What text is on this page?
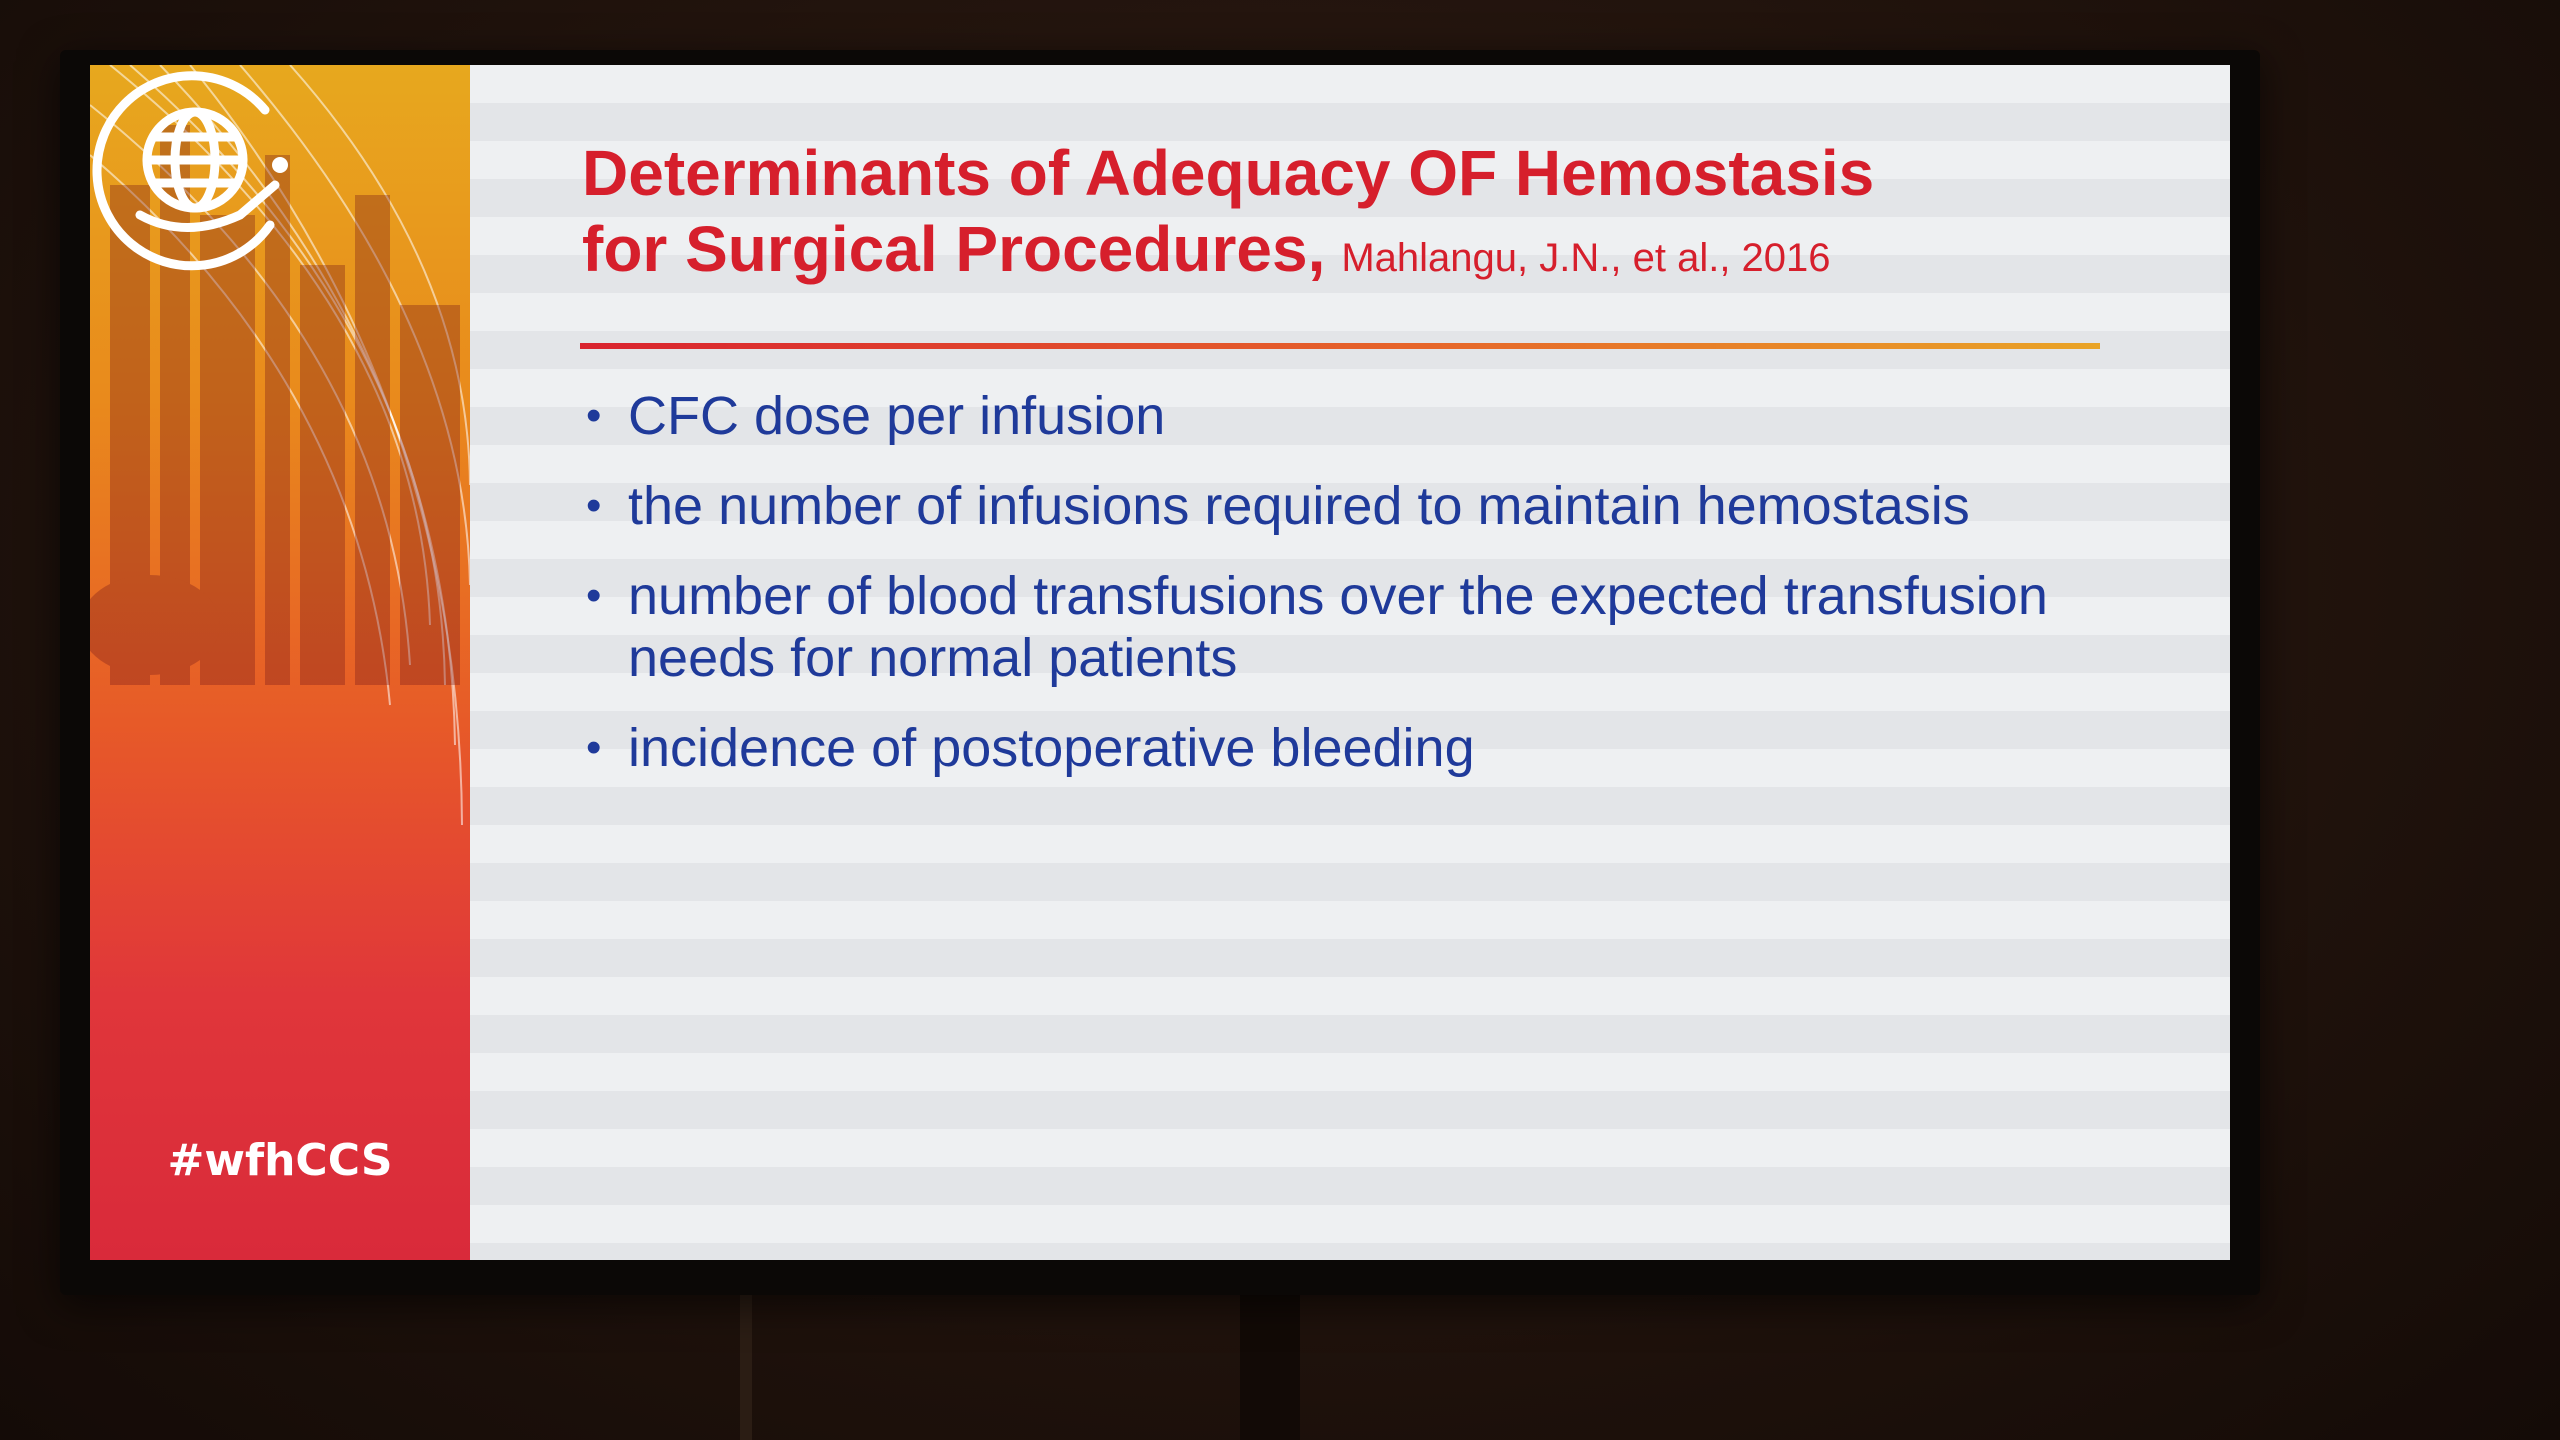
#wfhCCS
Determinants of Adequacy OF Hemostasis
for Surgical Procedures, Mahlangu, J.N., et al., 2016
• CFC dose per infusion
• the number of infusions required to maintain hemostasis
• number of blood transfusions over the expected transfusion needs for normal patients
• incidence of postoperative bleeding
